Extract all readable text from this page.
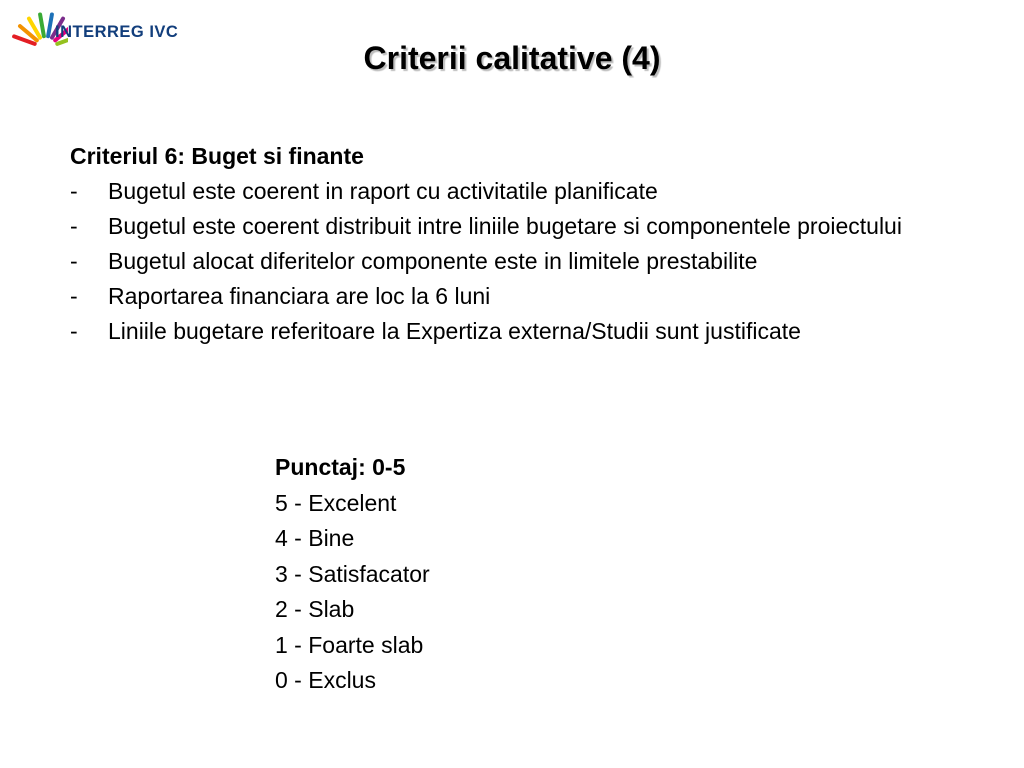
INTERREG IVC
Criterii calitative (4)
Criteriul 6: Buget si finante
- Bugetul este coerent in raport cu activitatile planificate
- Bugetul este coerent distribuit intre liniile bugetare si componentele proiectului
- Bugetul alocat diferitelor componente este in limitele prestabilite
- Raportarea financiara are loc la 6 luni
- Liniile bugetare referitoare la Expertiza externa/Studii sunt justificate
Punctaj: 0-5
5 - Excelent
4 - Bine
3 - Satisfacator
2 - Slab
1 - Foarte slab
0 - Exclus
